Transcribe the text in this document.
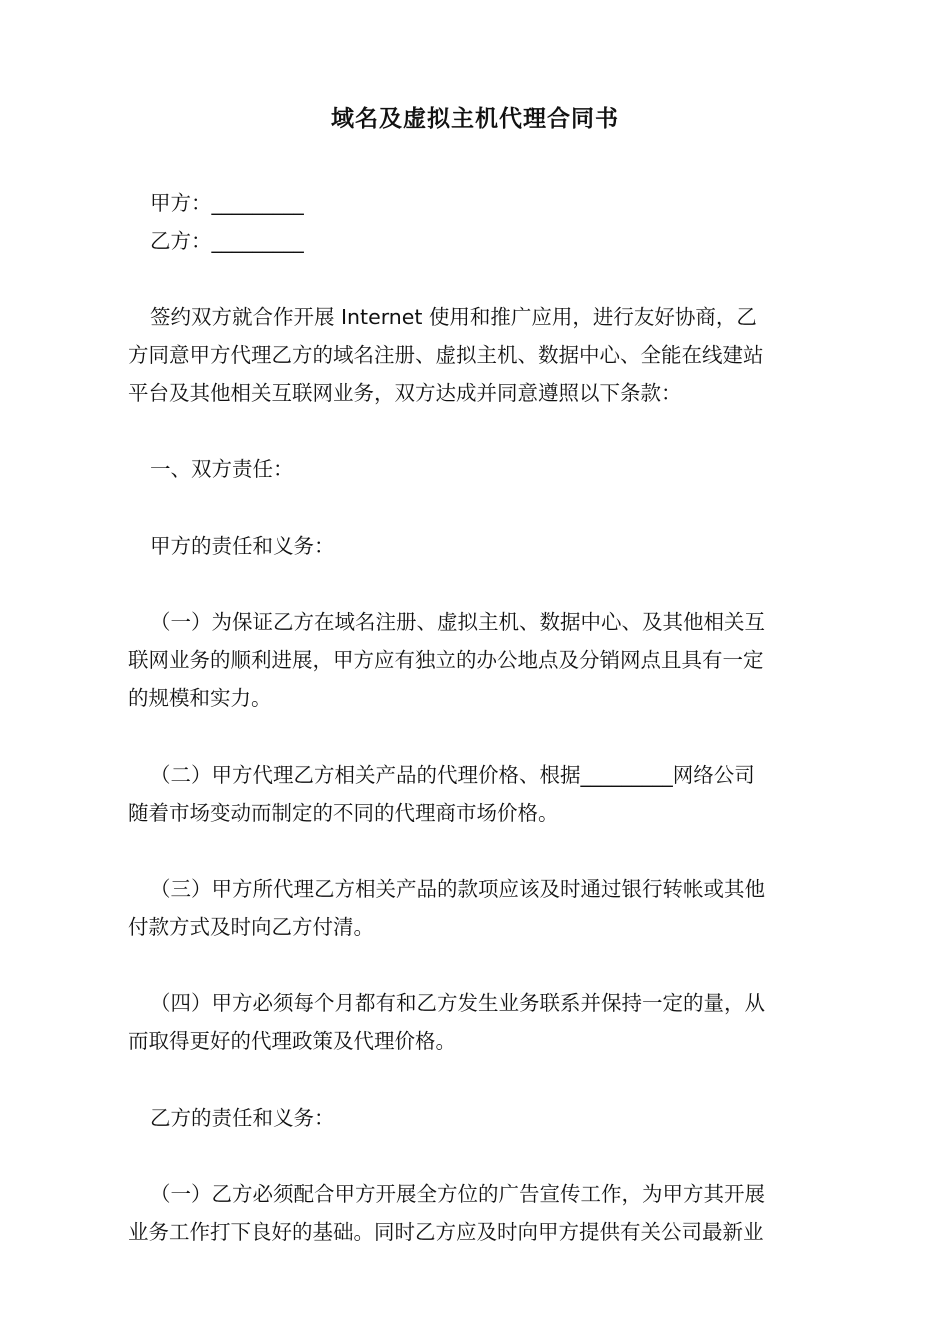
域名及虚拟主机代理合同书
甲方：_________
乙方：_________
签约双方就合作开展 Internet 使用和推广应用，进行友好协商，乙
方同意甲方代理乙方的域名注册、虚拟主机、数据中心、全能在线建站
平台及其他相关互联网业务，双方达成并同意遵照以下条款：
一、双方责任：
甲方的责任和义务：
（一）为保证乙方在域名注册、虚拟主机、数据中心、及其他相关互
联网业务的顺利进展，甲方应有独立的办公地点及分销网点且具有一定
的规模和实力。
（二）甲方代理乙方相关产品的代理价格、根据_________网络公司
随着市场变动而制定的不同的代理商市场价格。
（三）甲方所代理乙方相关产品的款项应该及时通过银行转帐或其他
付款方式及时向乙方付清。
（四）甲方必须每个月都有和乙方发生业务联系并保持一定的量，从
而取得更好的代理政策及代理价格。
乙方的责任和义务：
（一）乙方必须配合甲方开展全方位的广告宣传工作，为甲方其开展
业务工作打下良好的基础。同时乙方应及时向甲方提供有关公司最新业
